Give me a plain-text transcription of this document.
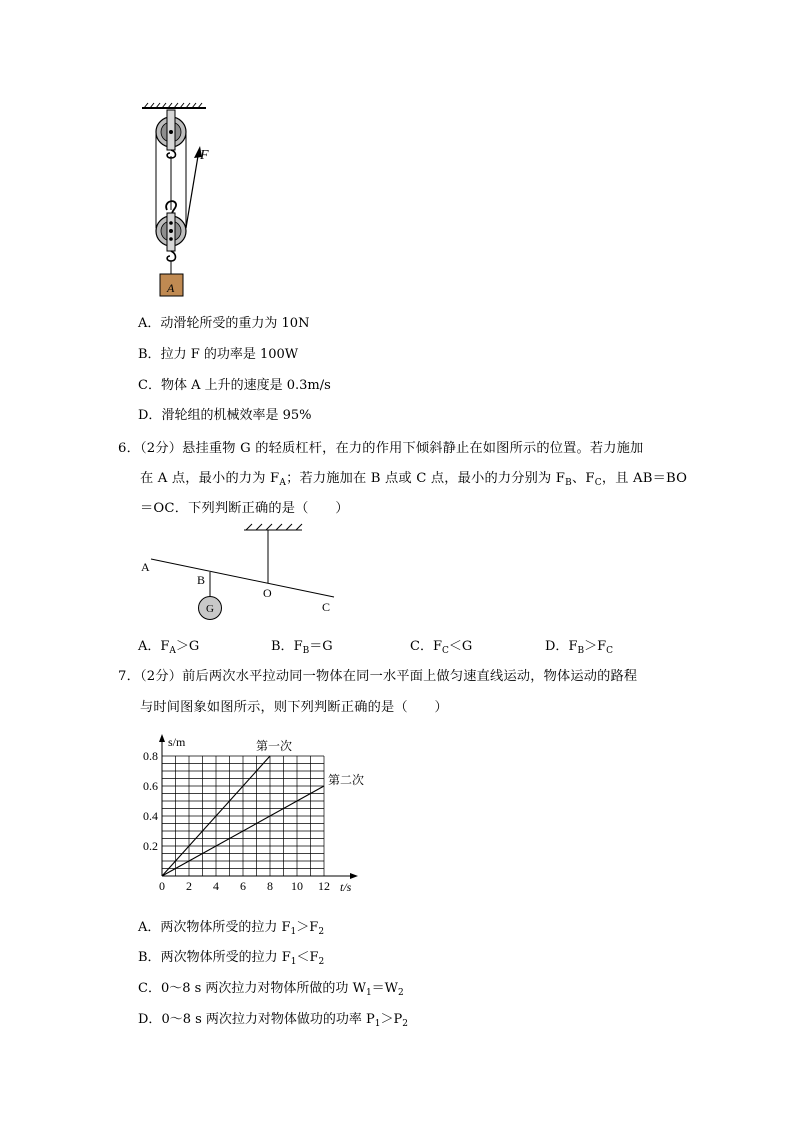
F
A
A．动滑轮所受的重力为 10N
B．拉力 F 的功率是 100W
C．物体 A 上升的速度是 0.3m/s
D．滑轮组的机械效率是 95%
6．（2分）悬挂重物 G 的轻质杠杆，在力的作用下倾斜静止在如图所示的位置。若力施加
在 A 点，最小的力为 $F_A$；若力施加在 B 点或 C 点，最小的力分别为 $F_B$、$F_C$，且 AB＝BO
＝OC．下列判断正确的是（　　）
G
A
B
O
C
A．$F_A>G$	B．$F_B=G$	C．$F_C<G$	D．$F_B>F_C$
7．（2分）前后两次水平拉动同一物体在同一水平面上做匀速直线运动，物体运动的路程
与时间图象如图所示，则下列判断正确的是（　　）
0 2 4 6 8 10 12
0.2
0.4
0.6
0.8
第一次
第二次
s/m
t/s
A．两次物体所受的拉力 $F_1>F_2$
B．两次物体所受的拉力 $F_1<F_2$
C．0～8 s 两次拉力对物体所做的功 $W_1=W_2$
D．0～8 s 两次拉力对物体做功的功率 $P_1>P_2$
